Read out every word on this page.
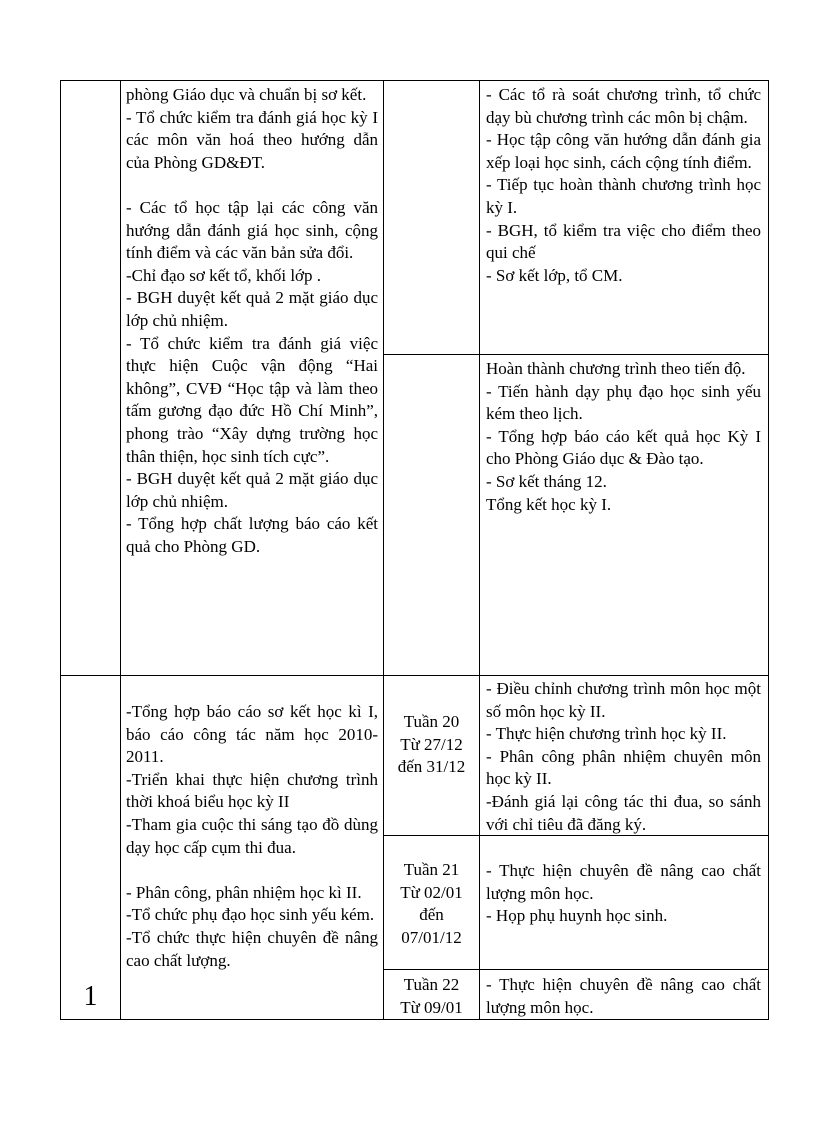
phòng Giáo dục và chuẩn bị sơ kết.

- Tổ chức kiểm tra đánh giá học kỳ I các môn văn hoá theo hướng dẫn của Phòng GD&ĐT.

- Các tổ học tập lại các công văn hướng dẫn đánh giá học sinh, cộng tính điểm và các văn bản sửa đổi.

-Chỉ đạo sơ kết tổ, khối lớp .

- BGH duyệt kết quả 2 mặt giáo dục lớp chủ nhiệm.

- Tổ chức kiểm tra đánh giá việc thực hiện Cuộc vận động “Hai không”, CVĐ “Học tập và làm theo tấm gương đạo đức Hồ Chí Minh”, phong trào “Xây dựng trường học thân thiện, học sinh tích cực”.

- BGH duyệt kết quả 2 mặt giáo dục lớp chủ nhiệm.

- Tổng hợp chất lượng báo cáo kết quả cho Phòng GD.

- Các tổ rà soát chương trình, tổ chức dạy bù chương trình các môn bị chậm.

- Học tập công văn hướng dẫn đánh gia xếp loại học sinh, cách cộng tính điểm.

- Tiếp tục hoàn thành chương trình học kỳ I.

- BGH, tổ kiểm tra việc cho điểm theo qui chế

- Sơ kết lớp, tổ CM.

Hoàn thành chương trình theo tiến độ.

- Tiến hành dạy phụ đạo học sinh yếu kém theo lịch.

- Tổng hợp báo cáo kết quả học Kỳ I cho Phòng Giáo dục & Đào tạo.

- Sơ kết tháng 12.

Tổng kết học kỳ I.

1

-Tổng hợp báo cáo sơ kết học kì I, báo cáo công tác năm học 2010-2011.

-Triển khai thực hiện chương trình thời khoá biểu học kỳ II

-Tham gia cuộc thi sáng tạo đồ dùng dạy học cấp cụm thi đua.

- Phân công, phân nhiệm học kì II.

-Tổ chức phụ đạo học sinh yếu kém.

-Tổ chức thực hiện chuyên đề nâng cao chất lượng.

Tuần 20
Từ 27/12
đến 31/12

- Điều chỉnh chương trình môn học một số môn học kỳ II.

- Thực hiện chương trình học kỳ II.

- Phân công phân nhiệm chuyên môn học kỳ II.

-Đánh giá lại công tác thi đua, so sánh với chỉ tiêu đã đăng ký.

Tuần 21
Từ 02/01
đến
07/01/12

- Thực hiện chuyên đề nâng cao chất lượng môn học.

- Họp phụ huynh học sinh.

Tuần 22
Từ 09/01

- Thực hiện chuyên đề nâng cao chất lượng môn học.
